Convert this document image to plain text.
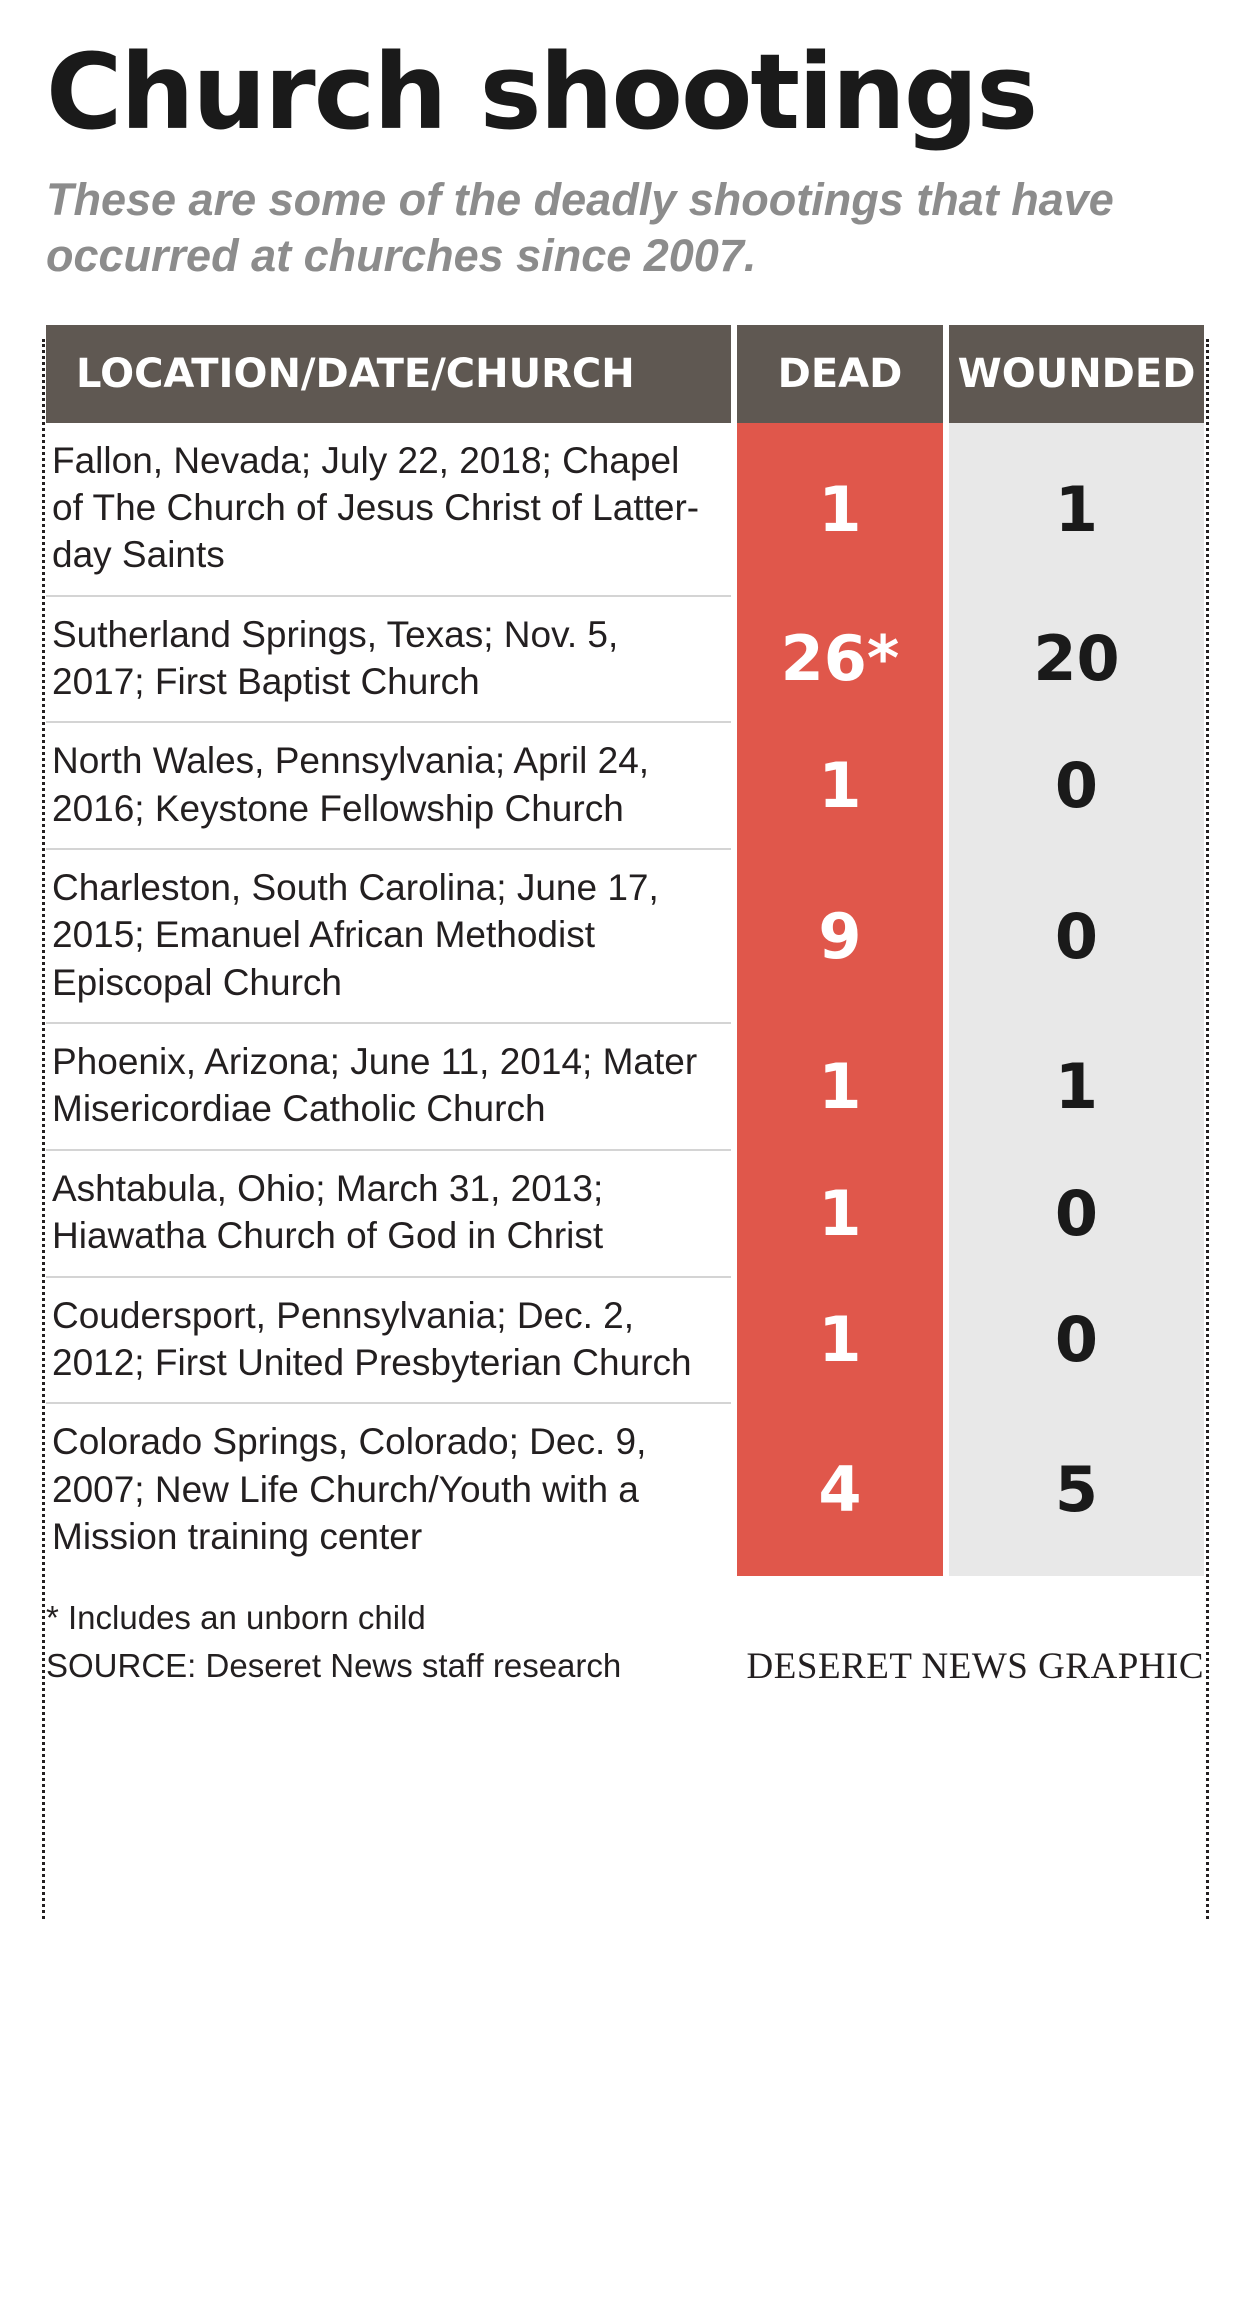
Church shootings

These are some of the deadly shootings that have occurred at churches since 2007.

LOCATION/DATE/CHURCH	DEAD	WOUNDED
Fallon, Nevada; July 22, 2018; Chapel of The Church of Jesus Christ of Latter-day Saints	1	1
Sutherland Springs, Texas; Nov. 5, 2017; First Baptist Church	26*	20
North Wales, Pennsylvania; April 24, 2016; Keystone Fellowship Church	1	0
Charleston, South Carolina; June 17, 2015; Emanuel African Methodist Episcopal Church	9	0
Phoenix, Arizona; June 11, 2014; Mater Misericordiae Catholic Church	1	1
Ashtabula, Ohio; March 31, 2013; Hiawatha Church of God in Christ	1	0
Coudersport, Pennsylvania; Dec. 2, 2012; First United Presbyterian Church	1	0
Colorado Springs, Colorado; Dec. 9, 2007; New Life Church/Youth with a Mission training center	4	5
* Includes an unborn child
SOURCE: Deseret News staff research	DESERET NEWS GRAPHIC
